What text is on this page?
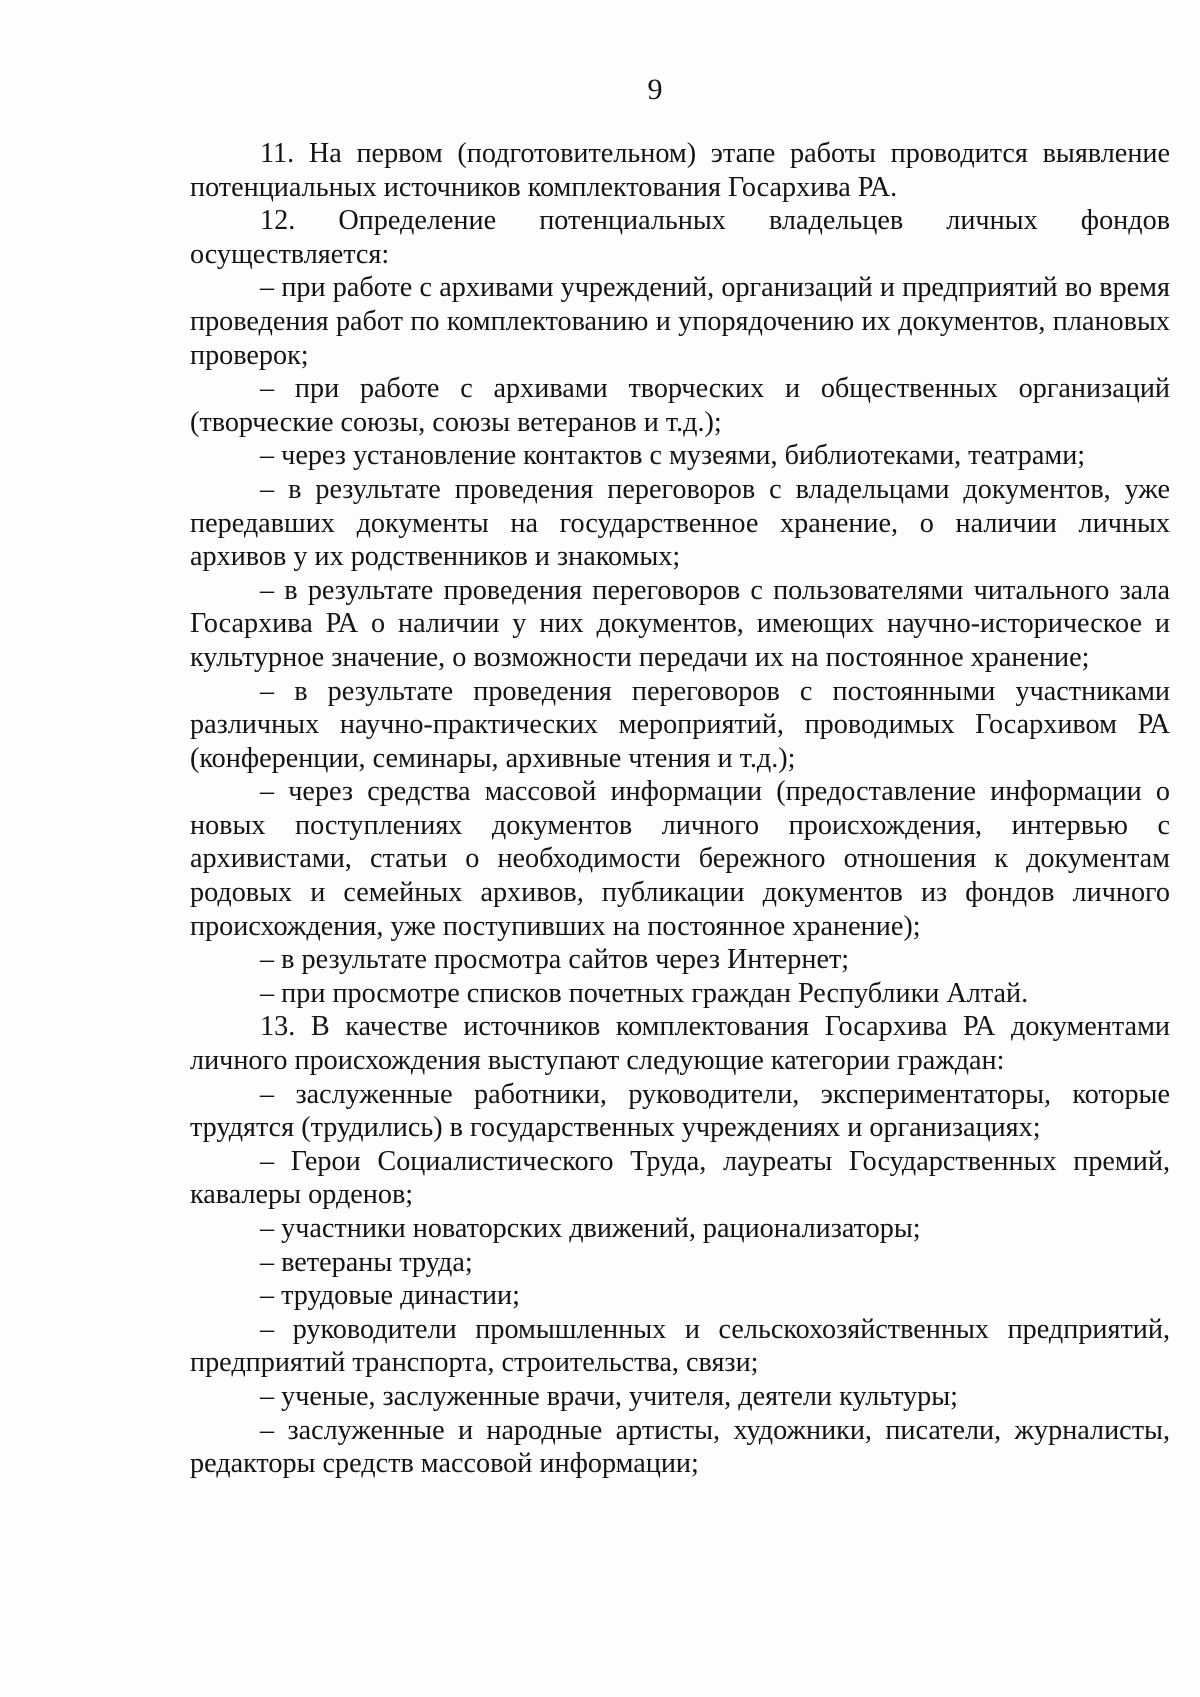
9

11. На первом (подготовительном) этапе работы проводится выявление потенциальных источников комплектования Госархива РА.

12. Определение потенциальных владельцев личных фондов осуществляется:

– при работе с архивами учреждений, организаций и предприятий во время проведения работ по комплектованию и упорядочению их документов, плановых проверок;

– при работе с архивами творческих и общественных организаций (творческие союзы, союзы ветеранов и т.д.);

– через установление контактов с музеями, библиотеками, театрами;

– в результате проведения переговоров с владельцами документов, уже передавших документы на государственное хранение, о наличии личных архивов у их родственников и знакомых;

– в результате проведения переговоров с пользователями читального зала Госархива РА о наличии у них документов, имеющих научно-историческое и культурное значение, о возможности передачи их на постоянное хранение;

– в результате проведения переговоров с постоянными участниками различных научно-практических мероприятий, проводимых Госархивом РА (конференции, семинары, архивные чтения и т.д.);

– через средства массовой информации (предоставление информации о новых поступлениях документов личного происхождения, интервью с архивистами, статьи о необходимости бережного отношения к документам родовых и семейных архивов, публикации документов из фондов личного происхождения, уже поступивших на постоянное хранение);

– в результате просмотра сайтов через Интернет;

– при просмотре списков почетных граждан Республики Алтай.

13. В качестве источников комплектования Госархива РА документами личного происхождения выступают следующие категории граждан:

– заслуженные работники, руководители, экспериментаторы, которые трудятся (трудились) в государственных учреждениях и организациях;

– Герои Социалистического Труда, лауреаты Государственных премий, кавалеры орденов;

– участники новаторских движений, рационализаторы;

– ветераны труда;

– трудовые династии;

– руководители промышленных и сельскохозяйственных предприятий, предприятий транспорта, строительства, связи;

– ученые, заслуженные врачи, учителя, деятели культуры;

– заслуженные и народные артисты, художники, писатели, журналисты, редакторы средств массовой информации;
